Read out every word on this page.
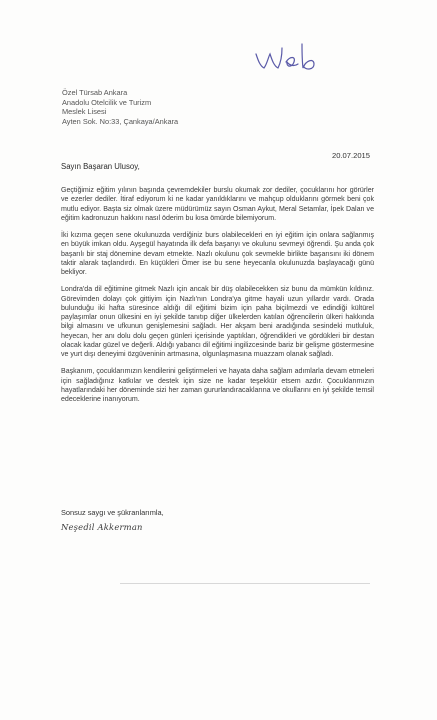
Özel Türsab Ankara
Anadolu Otelcilik ve Turizm
Meslek Lisesi
Ayten Sok. No:33, Çankaya/Ankara
20.07.2015
Sayın Başaran Ulusoy,

Geçtiğimiz eğitim yılının başında çevremdekiler burslu okumak zor dediler, çocuklarını hor görürler ve ezerler dediler. İtiraf ediyorum ki ne kadar yanıldıklarını ve mahçup olduklarını görmek beni çok mutlu ediyor. Başta siz olmak üzere müdürümüz sayın Osman Aykut, Meral Setamlar, İpek Dalan ve eğitim kadronuzun hakkını nasıl öderim bu kısa ömürde bilemiyorum.

İki kızıma geçen sene okulunuzda verdiğiniz burs olabilecekleri en iyi eğitim için onlara sağlanmış en büyük imkan oldu. Ayşegül hayatında ilk defa başarıyı ve okulunu sevmeyi öğrendi. Şu anda çok başarılı bir staj dönemine devam etmekte. Nazlı okulunu çok sevmekle birlikte başarısını iki dönem taktir alarak taçlandırdı. En küçükleri Ömer ise bu sene heyecanla okulunuzda başlayacağı günü bekliyor.

Londra'da dil eğitimine gitmek Nazlı için ancak bir düş olabilecekken siz bunu da mümkün kıldınız. Görevimden dolayı çok gittiyim için Nazlı'nın Londra'ya gitme hayali uzun yıllardır vardı. Orada bulunduğu iki hafta süresince aldığı dil eğitimi bizim için paha biçilmezdi ve edindiği kültürel paylaşımlar onun ülkesini en iyi şekilde tanıtıp diğer ülkelerden katılan öğrencilerin ülkeri hakkında bilgi almasını ve ufkunun genişlemesini sağladı. Her akşam beni aradığında sesindeki mutluluk, heyecan, her anı dolu dolu geçen günleri içerisinde yaptıkları, öğrendikleri ve gördükleri bir destan olacak kadar güzel ve değerli. Aldığı yabancı dil eğitimi ingilizcesinde bariz bir gelişme göstermesine ve yurt dışı deneyimi özgüveninin artmasına, olgunlaşmasına muazzam olanak sağladı.

Başkanım, çocuklarımızın kendilerini geliştirmeleri ve hayata daha sağlam adımlarla devam etmeleri için sağladığınız katkılar ve destek için size ne kadar teşekkür etsem azdır. Çocuklarımızın hayatlarındaki her döneminde sizi her zaman gururlandıracaklarına ve okullarını en iyi şekilde temsil edeceklerine inanıyorum.

Sonsuz saygı ve şükranlarımla,
Neşedil Akkerman
